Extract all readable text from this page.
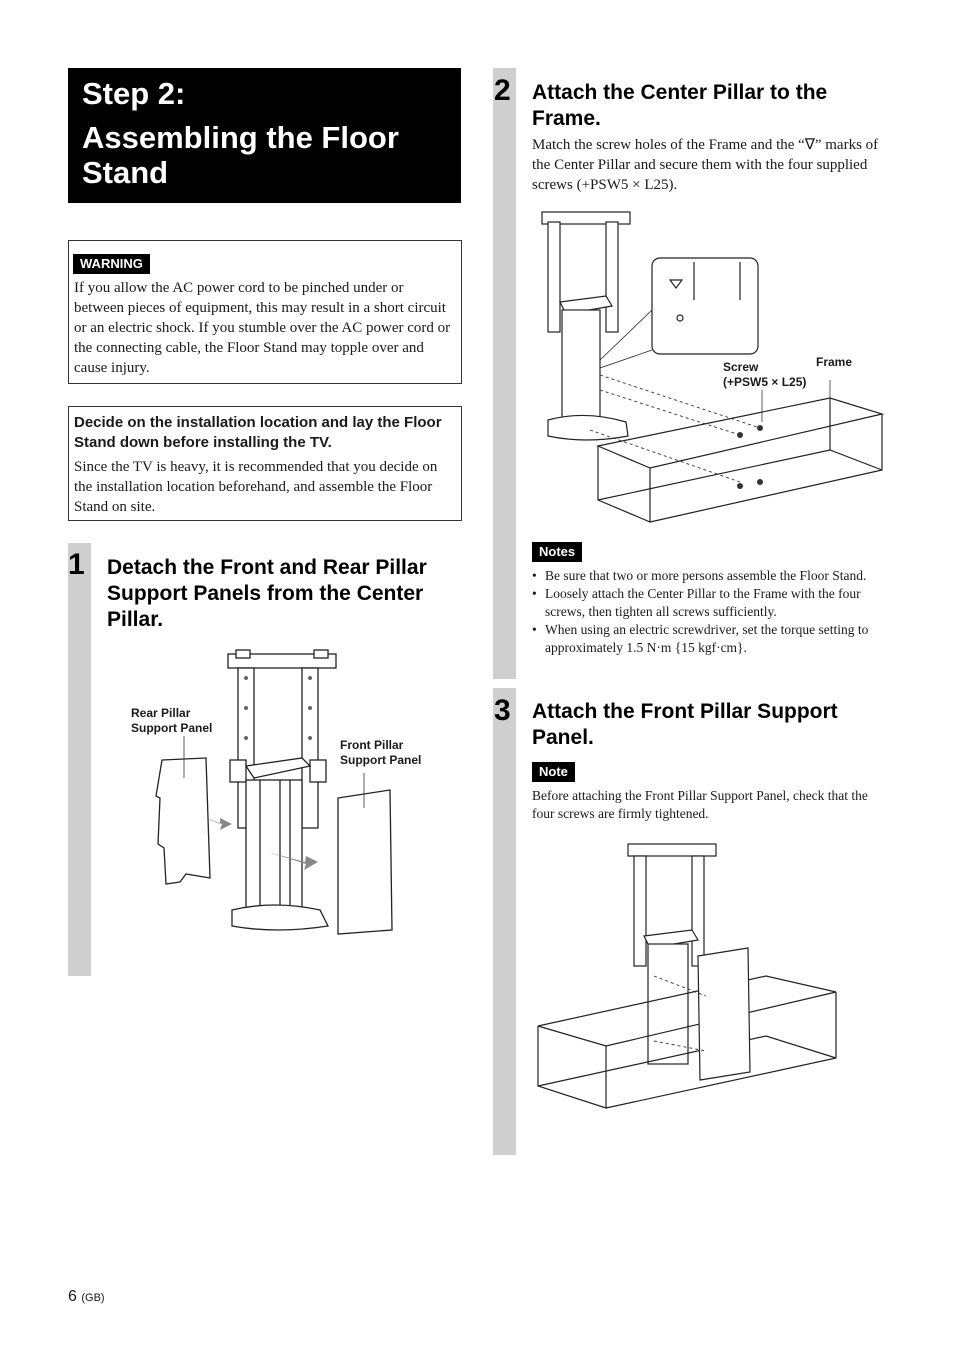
Step 2:
Assembling the Floor Stand
WARNING
If you allow the AC power cord to be pinched under or between pieces of equipment, this may result in a short circuit or an electric shock. If you stumble over the AC power cord or the connecting cable, the Floor Stand may topple over and cause injury.
Decide on the installation location and lay the Floor Stand down before installing the TV.
Since the TV is heavy, it is recommended that you decide on the installation location beforehand, and assemble the Floor Stand on site.
1 Detach the Front and Rear Pillar Support Panels from the Center Pillar.
Rear Pillar Support Panel
Front Pillar Support Panel
2 Attach the Center Pillar to the Frame.
Match the screw holes of the Frame and the “∇” marks of the Center Pillar and secure them with the four supplied screws (+PSW5 × L25).
Screw
(+PSW5 × L25)
Frame
Notes
• Be sure that two or more persons assemble the Floor Stand.
• Loosely attach the Center Pillar to the Frame with the four screws, then tighten all screws sufficiently.
• When using an electric screwdriver, set the torque setting to approximately 1.5 N·m {15 kgf·cm}.
3 Attach the Front Pillar Support Panel.
Note
Before attaching the Front Pillar Support Panel, check that the four screws are firmly tightened.
6 (GB)
